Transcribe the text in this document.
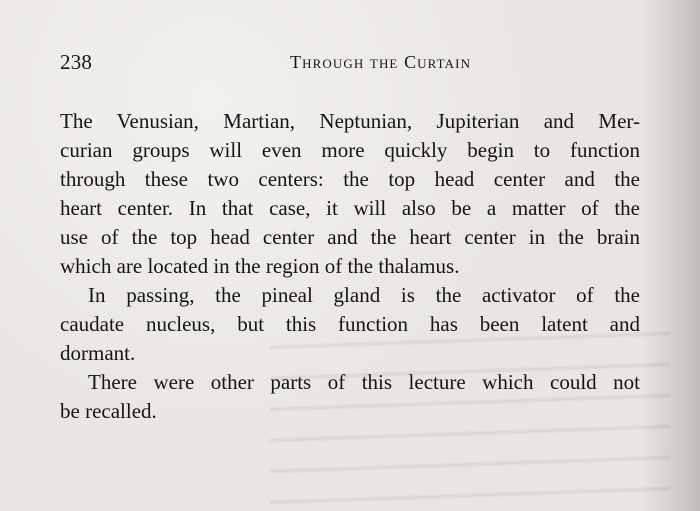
238	Through the Curtain
The Venusian, Martian, Neptunian, Jupiterian and Mer-
curian groups will even more quickly begin to function
through these two centers: the top head center and the
heart center. In that case, it will also be a matter of the
use of the top head center and the heart center in the brain
which are located in the region of the thalamus.
In passing, the pineal gland is the activator of the
caudate nucleus, but this function has been latent and
dormant.
There were other parts of this lecture which could not
be recalled.
